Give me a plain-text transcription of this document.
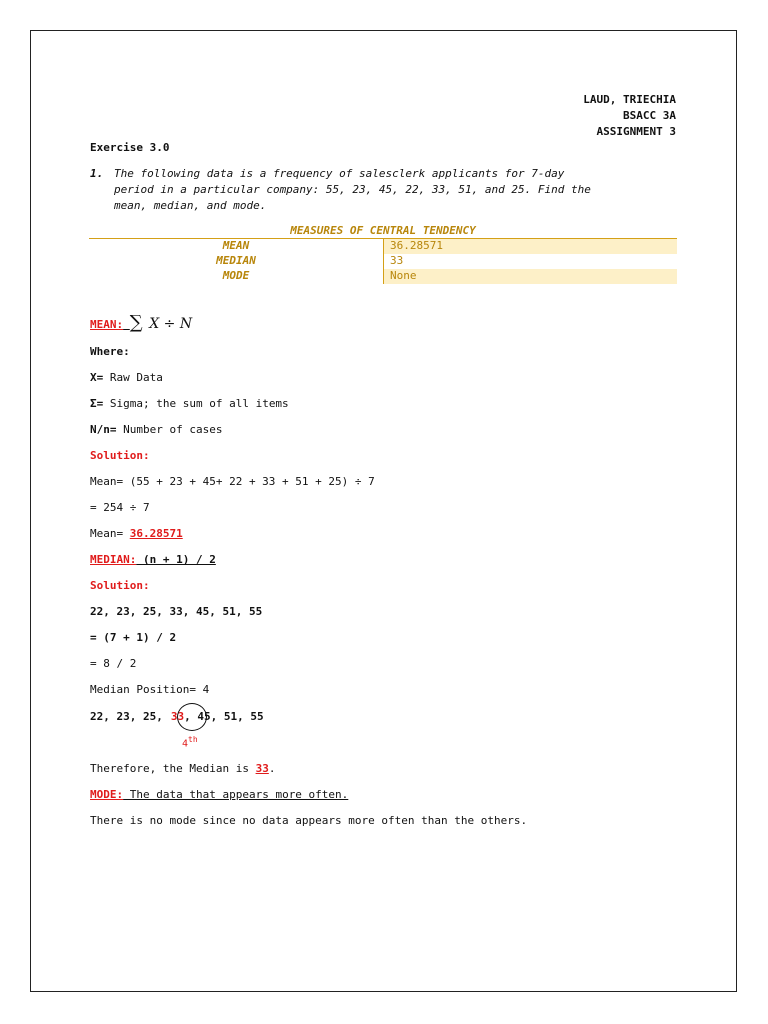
LAUD, TRIECHIA
BSACC 3A
ASSIGNMENT 3
Exercise 3.0
1. The following data is a frequency of salesclerk applicants for 7-day
period in a particular company: 55, 23, 45, 22, 33, 51, and 25. Find the
mean, median, and mode.
MEAN: ∑ X ÷ N
Where:
X= Raw Data
Σ= Sigma; the sum of all items
N/n= Number of cases
Solution:
Mean= (55 + 23 + 45+ 22 + 33 + 51 + 25) ÷ 7
= 254 ÷ 7
Mean= 36.28571
MEDIAN: (n + 1) / 2
Solution:
22, 23, 25, 33, 45, 51, 55
= (7 + 1) / 2
= 8 / 2
Median Position= 4
22, 23, 25, 33, 45, 51, 55
4th
Therefore, the Median is 33.
MODE: The data that appears more often.
There is no mode since no data appears more often than the others.
MEASURES OF CENTRAL TENDENCY
MEAN	36.28571
MEDIAN	33
MODE	None
